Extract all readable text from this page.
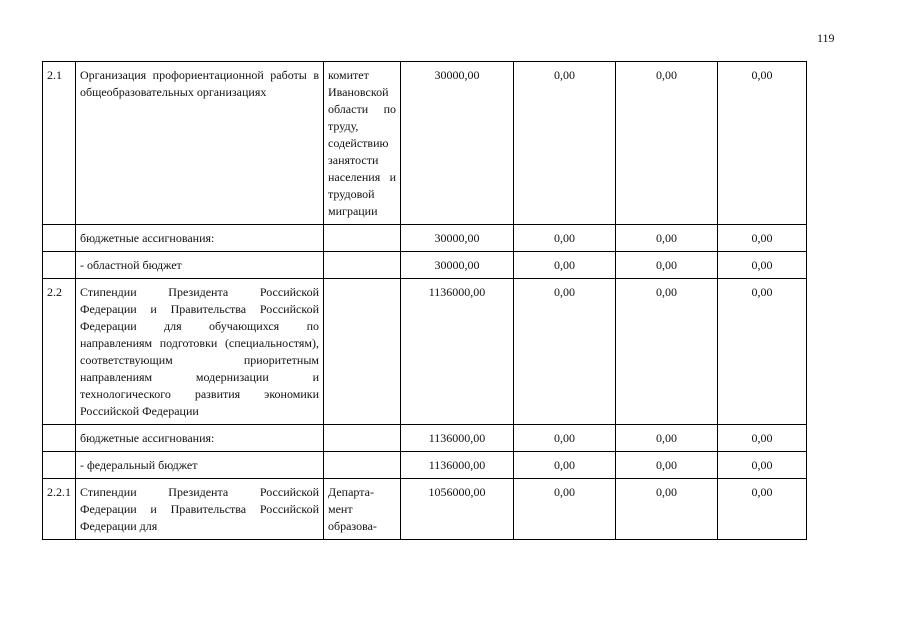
119
2.1	Организация профориентационной работы в общеобразовательных организациях	комитет Ивановской области по труду, содействию занятости населения и трудовой миграции	30000,00	0,00	0,00	0,00
	бюджетные ассигнования:		30000,00	0,00	0,00	0,00
	- областной бюджет		30000,00	0,00	0,00	0,00
2.2	Стипендии Президента Российской Федерации и Правительства Российской Федерации для обучающихся по направлениям подготовки (специальностям), соответствующим приоритетным направлениям модернизации и технологического развития экономики Российской Федерации		1136000,00	0,00	0,00	0,00
	бюджетные ассигнования:		1136000,00	0,00	0,00	0,00
	- федеральный бюджет		1136000,00	0,00	0,00	0,00
2.2.1	Стипендии Президента Российской Федерации и Правительства Российской Федерации для	Департа-мент образова-	1056000,00	0,00	0,00	0,00
